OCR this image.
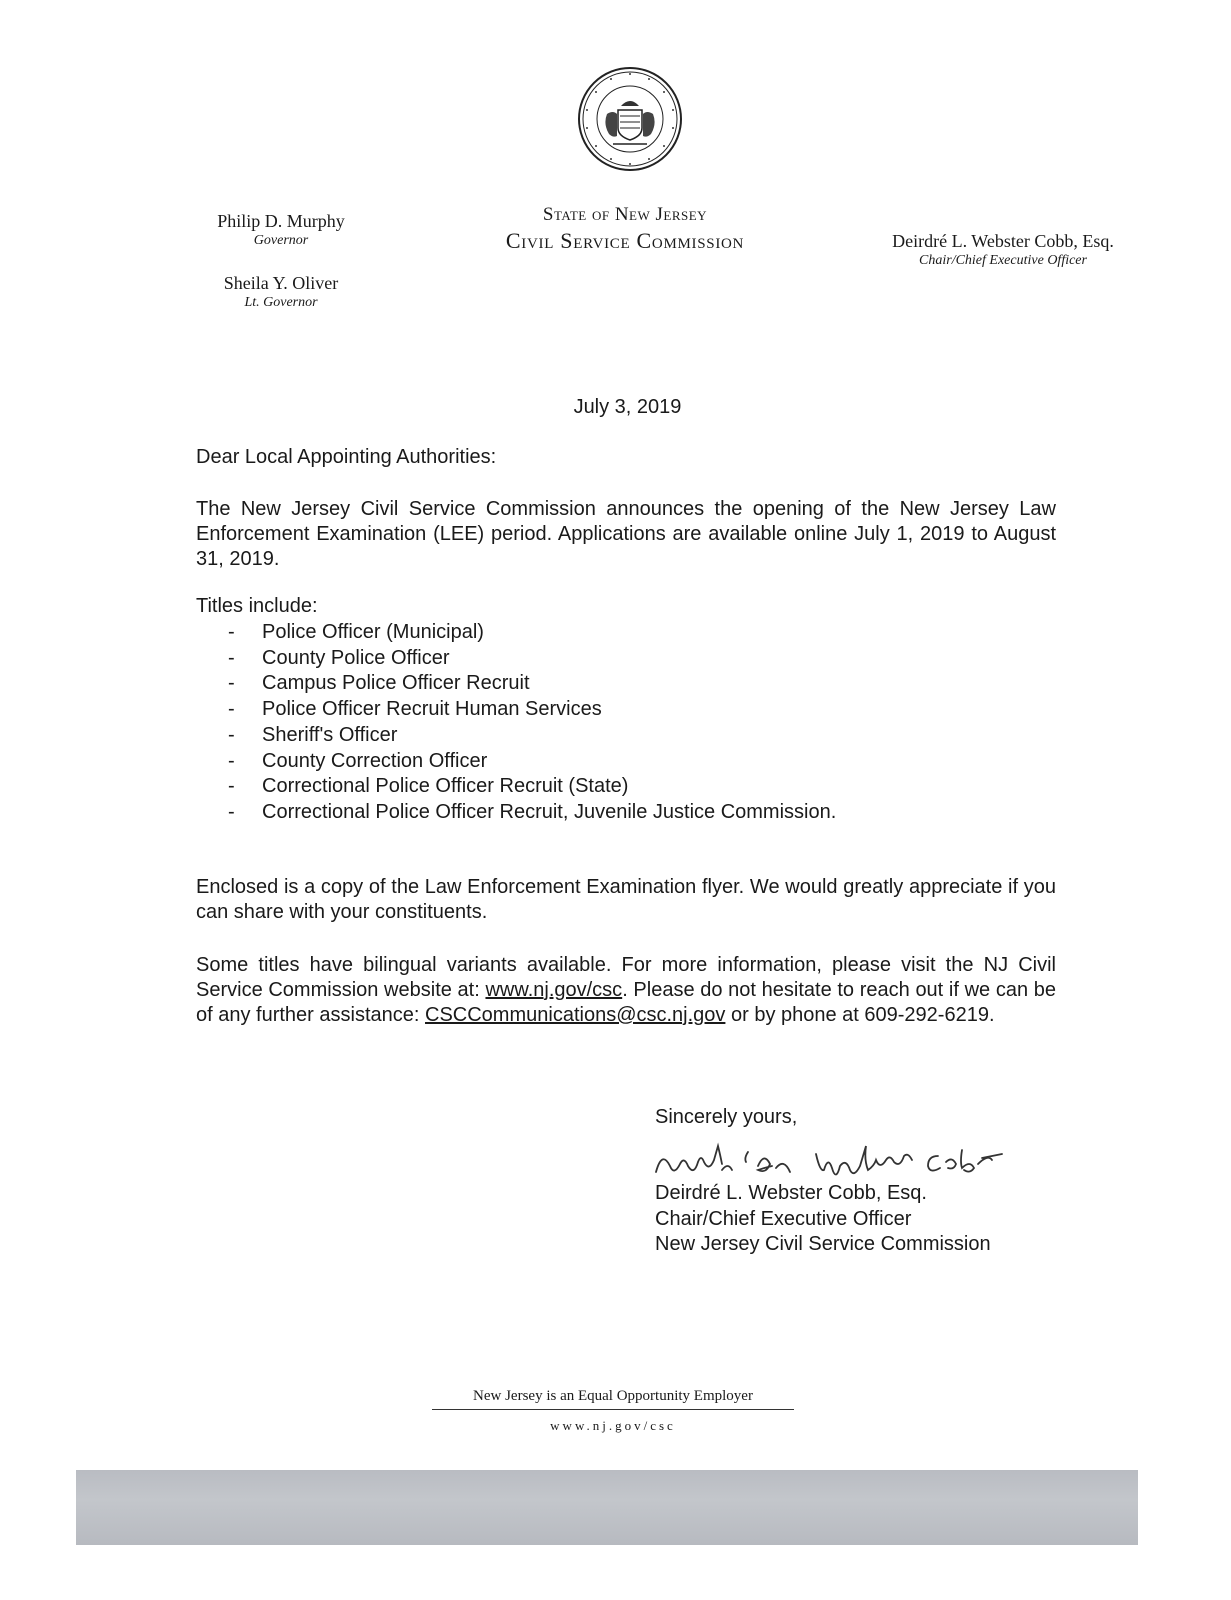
Philip D. Murphy
Governor
Sheila Y. Oliver
Lt. Governor
State of New Jersey
Civil Service Commission	Deirdré L. Webster Cobb, Esq.
Chair/Chief Executive Officer
July 3, 2019
Dear Local Appointing Authorities:
The New Jersey Civil Service Commission announces the opening of the New Jersey Law Enforcement Examination (LEE) period. Applications are available online July 1, 2019 to August 31, 2019.
Titles include:
- Police Officer (Municipal)
- County Police Officer
- Campus Police Officer Recruit
- Police Officer Recruit Human Services
- Sheriff's Officer
- County Correction Officer
- Correctional Police Officer Recruit (State)
- Correctional Police Officer Recruit, Juvenile Justice Commission.
Enclosed is a copy of the Law Enforcement Examination flyer. We would greatly appreciate if you can share with your constituents.
Some titles have bilingual variants available. For more information, please visit the NJ Civil Service Commission website at: www.nj.gov/csc. Please do not hesitate to reach out if we can be of any further assistance: CSCCommunications@csc.nj.gov or by phone at 609-292-6219.
Sincerely yours,
Deirdré L. Webster Cobb, Esq.
Chair/Chief Executive Officer
New Jersey Civil Service Commission
New Jersey is an Equal Opportunity Employer
www.nj.gov/csc
